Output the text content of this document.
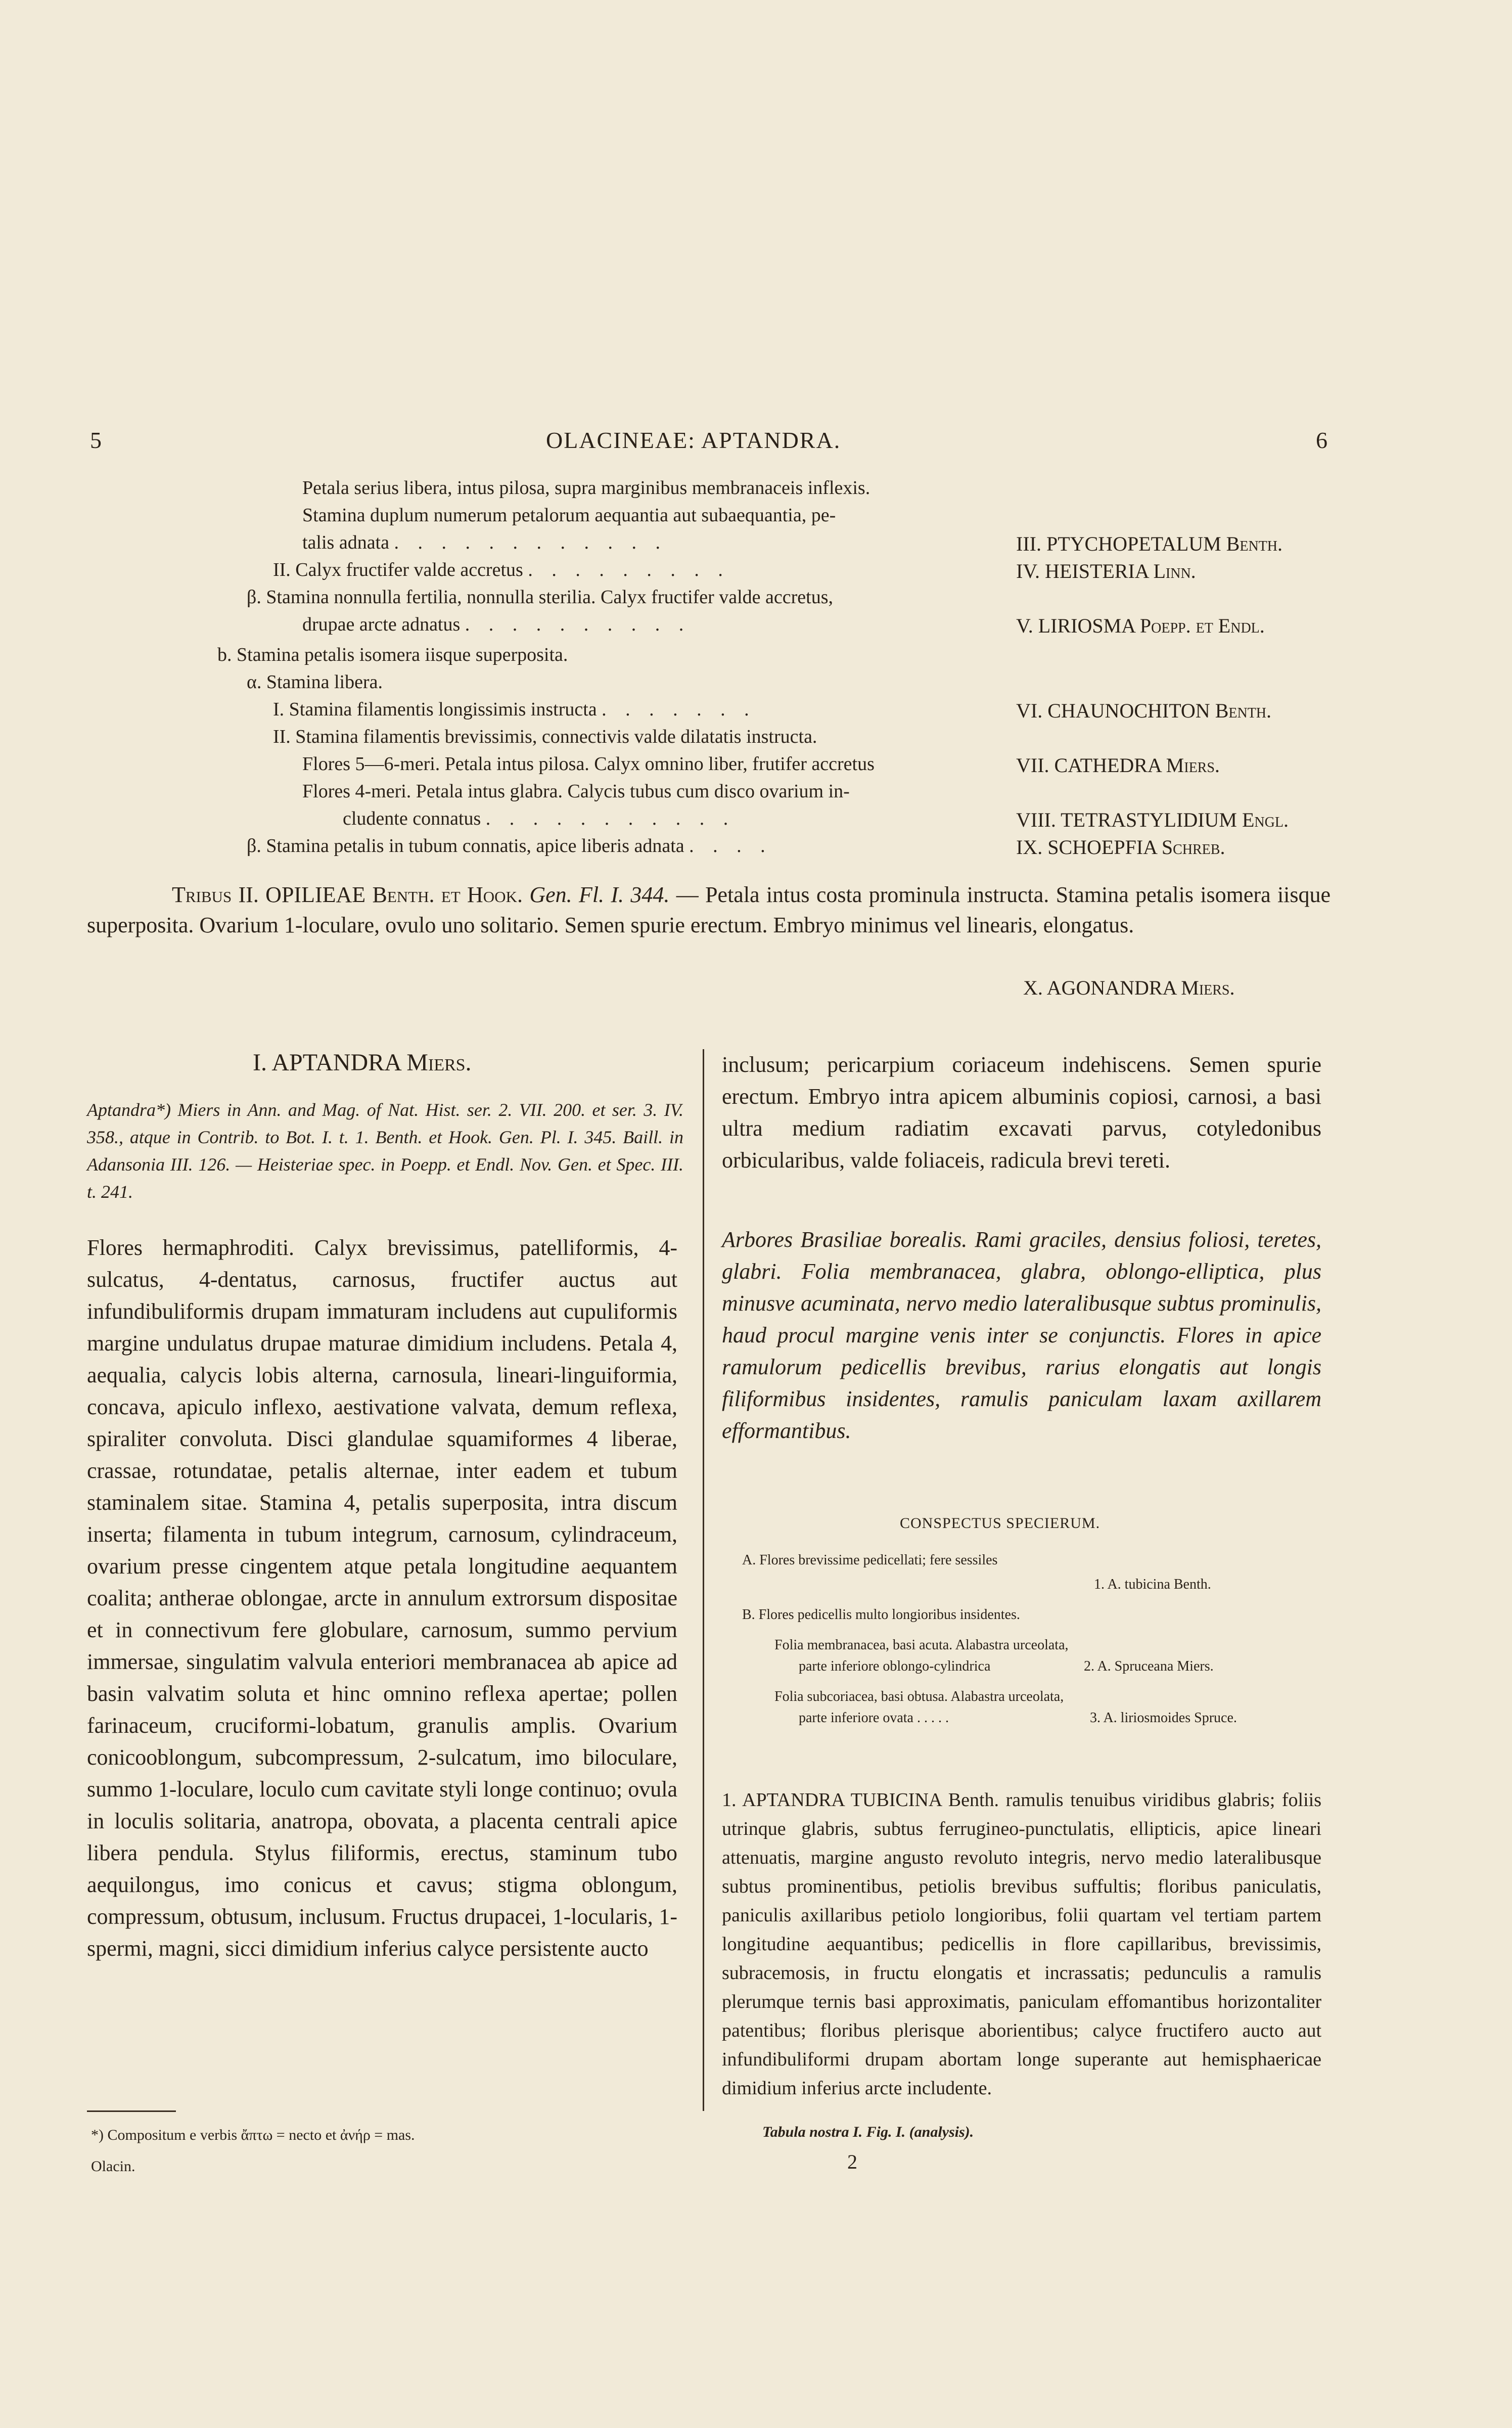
5	OLACINEAE: APTANDRA.	6
Petala serius libera, intus pilosa, supra marginibus membranaceis inflexis.
Stamina duplum numerum petalorum aequantia aut subaequantia, pe-
talis adnata . . . . . . . . . . . .	III. PTYCHOPETALUM Benth.
II. Calyx fructifer valde accretus . . . . . . . . .	IV. HEISTERIA Linn.
β. Stamina nonnulla fertilia, nonnulla sterilia. Calyx fructifer valde accretus,
drupae arcte adnatus . . . . . . . . . .	V. LIRIOSMA Poepp. et Endl.
b. Stamina petalis isomera iisque superposita.
α. Stamina libera.
I. Stamina filamentis longissimis instructa . . . . . . .	VI. CHAUNOCHITON Benth.
II. Stamina filamentis brevissimis, connectivis valde dilatatis instructa.
Flores 5—6-meri. Petala intus pilosa. Calyx omnino liber, frutifer accretus	VII. CATHEDRA Miers.
Flores 4-meri. Petala intus glabra. Calycis tubus cum disco ovarium in-
cludente connatus . . . . . . . . . . .	VIII. TETRASTYLIDIUM Engl.
β. Stamina petalis in tubum connatis, apice liberis adnata . . . .	IX. SCHOEPFIA Schreb.
Tribus II. OPILIEAE Benth. et Hook. Gen. Fl. I. 344. — Petala intus costa prominula instructa. Stamina petalis isomera iisque superposita. Ovarium 1-loculare, ovulo uno solitario. Semen spurie erectum. Embryo minimus vel linearis, elongatus.
X. AGONANDRA Miers.
I. APTANDRA Miers.
Aptandra*) Miers in Ann. and Mag. of Nat. Hist. ser. 2. VII. 200. et ser. 3. IV. 358., atque in Contrib. to Bot. I. t. 1. Benth. et Hook. Gen. Pl. I. 345. Baill. in Adansonia III. 126. — Heisteriae spec. in Poepp. et Endl. Nov. Gen. et Spec. III. t. 241.
Flores hermaphroditi. Calyx brevissimus, patelliformis, 4-sulcatus, 4-dentatus, carnosus, fructifer auctus aut infundibuliformis drupam immaturam includens aut cupuliformis margine undulatus drupae maturae dimidium includens. Petala 4, aequalia, calycis lobis alterna, carnosula, lineari-linguiformia, concava, apiculo inflexo, aestivatione valvata, demum reflexa, spiraliter convoluta. Disci glandulae squamiformes 4 liberae, crassae, rotundatae, petalis alternae, inter eadem et tubum staminalem sitae. Stamina 4, petalis superposita, intra discum inserta; filamenta in tubum integrum, carnosum, cylindraceum, ovarium presse cingentem atque petala longitudine aequantem coalita; antherae oblongae, arcte in annulum extrorsum dispositae et in connectivum fere globulare, carnosum, summo pervium immersae, singulatim valvula enteriori membranacea ab apice ad basin valvatim soluta et hinc omnino reflexa apertae; pollen farinaceum, cruciformi-lobatum, granulis amplis. Ovarium conicooblongum, subcompressum, 2-sulcatum, imo biloculare, summo 1-loculare, loculo cum cavitate styli longe continuo; ovula in loculis solitaria, anatropa, obovata, a placenta centrali apice libera pendula. Stylus filiformis, erectus, staminum tubo aequilongus, imo conicus et cavus; stigma oblongum, compressum, obtusum, inclusum. Fructus drupacei, 1-locularis, 1-spermi, magni, sicci dimidium inferius calyce persistente aucto
*) Compositum e verbis ἄπτω = necto et ἀνήρ = mas.
Olacin.
inclusum; pericarpium coriaceum indehiscens. Semen spurie erectum. Embryo intra apicem albuminis copiosi, carnosi, a basi ultra medium radiatim excavati parvus, cotyledonibus orbicularibus, valde foliaceis, radicula brevi tereti.
Arbores Brasiliae borealis. Rami graciles, densius foliosi, teretes, glabri. Folia membranacea, glabra, oblongo-elliptica, plus minusve acuminata, nervo medio lateralibusque subtus prominulis, haud procul margine venis inter se conjunctis. Flores in apice ramulorum pedicellis brevibus, rarius elongatis aut longis filiformibus insidentes, ramulis paniculam laxam axillarem efformantibus.
CONSPECTUS SPECIERUM.
A. Flores brevissime pedicellati; fere sessiles
1. A. tubicina Benth.
B. Flores pedicellis multo longioribus insidentes.
Folia membranacea, basi acuta. Alabastra urceolata,
parte inferiore oblongo-cylindrica	2. A. Spruceana Miers.
Folia subcoriacea, basi obtusa. Alabastra urceolata,
parte inferiore ovata . . . . .	3. A. liriosmoides Spruce.
1. APTANDRA TUBICINA Benth. ramulis tenuibus viridibus glabris; foliis utrinque glabris, subtus ferrugineo-punctulatis, ellipticis, apice lineari attenuatis, margine angusto revoluto integris, nervo medio lateralibusque subtus prominentibus, petiolis brevibus suffultis; floribus paniculatis, paniculis axillaribus petiolo longioribus, folii quartam vel tertiam partem longitudine aequantibus; pedicellis in flore capillaribus, brevissimis, subracemosis, in fructu elongatis et incrassatis; pedunculis a ramulis plerumque ternis basi approximatis, paniculam effomantibus horizontaliter patentibus; floribus plerisque aborientibus; calyce fructifero aucto aut infundibuliformi drupam abortam longe superante aut hemisphaericae dimidium inferius arcte includente.
Tabula nostra I. Fig. I. (analysis).
2
